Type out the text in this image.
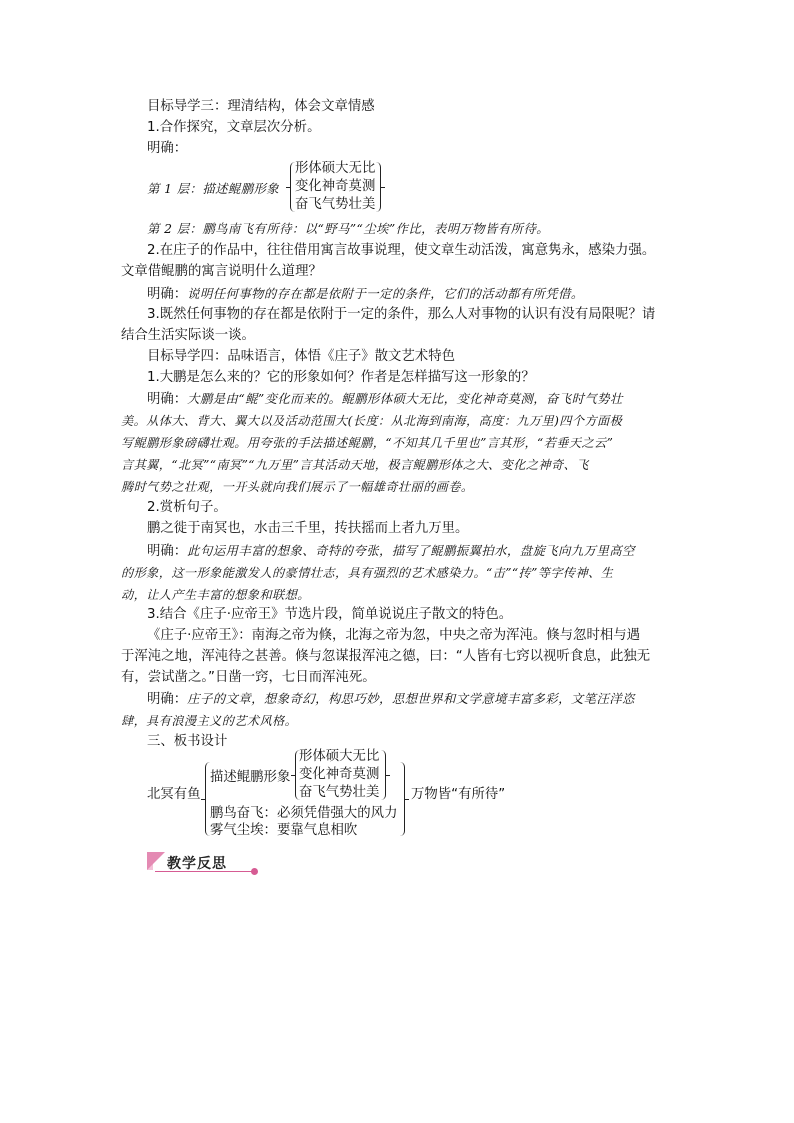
目标导学三：理清结构，体会文章情感
1.合作探究，文章层次分析。
明确：
第 1 层：描述鲲鹏形象
形体硕大无比
变化神奇莫测
奋飞气势壮美
第 2 层：鹏鸟南飞有所待：以“野马”“尘埃”作比，表明万物皆有所待。
2.在庄子的作品中，往往借用寓言故事说理，使文章生动活泼，寓意隽永，感染力强。
文章借鲲鹏的寓言说明什么道理？
明确：说明任何事物的存在都是依附于一定的条件，它们的活动都有所凭借。
3.既然任何事物的存在都是依附于一定的条件，那么人对事物的认识有没有局限呢？请
结合生活实际谈一谈。
目标导学四：品味语言，体悟《庄子》散文艺术特色
1.大鹏是怎么来的？它的形象如何？作者是怎样描写这一形象的？
明确：大鹏是由“鲲”变化而来的。鲲鹏形体硕大无比，变化神奇莫测，奋飞时气势壮
美。从体大、背大、翼大以及活动范围大(长度：从北海到南海，高度：九万里)四个方面极
写鲲鹏形象磅礴壮观。用夸张的手法描述鲲鹏，“不知其几千里也”言其形，“若垂天之云”
言其翼，“北冥”“南冥”“九万里”言其活动天地，极言鲲鹏形体之大、变化之神奇、飞
腾时气势之壮观，一开头就向我们展示了一幅雄奇壮丽的画卷。
2.赏析句子。
鹏之徙于南冥也，水击三千里，抟扶摇而上者九万里。
明确：此句运用丰富的想象、奇特的夸张，描写了鲲鹏振翼拍水，盘旋飞向九万里高空
的形象，这一形象能激发人的豪情壮志，具有强烈的艺术感染力。“击”“抟”等字传神、生
动，让人产生丰富的想象和联想。
3.结合《庄子·应帝王》节选片段，简单说说庄子散文的特色。
《庄子·应帝王》：南海之帝为倏，北海之帝为忽，中央之帝为浑沌。倏与忽时相与遇
于浑沌之地，浑沌待之甚善。倏与忽谋报浑沌之德，曰：“人皆有七窍以视听食息，此独无
有，尝试凿之。”日凿一窍，七日而浑沌死。
明确：庄子的文章，想象奇幻，构思巧妙，思想世界和文学意境丰富多彩，文笔汪洋恣
肆，具有浪漫主义的艺术风格。
三、板书设计
北冥有鱼
描述鲲鹏形象
形体硕大无比
变化神奇莫测
奋飞气势壮美
鹏鸟奋飞：必须凭借强大的风力
雾气尘埃：要靠气息相吹
万物皆“有所待”
教学反思
